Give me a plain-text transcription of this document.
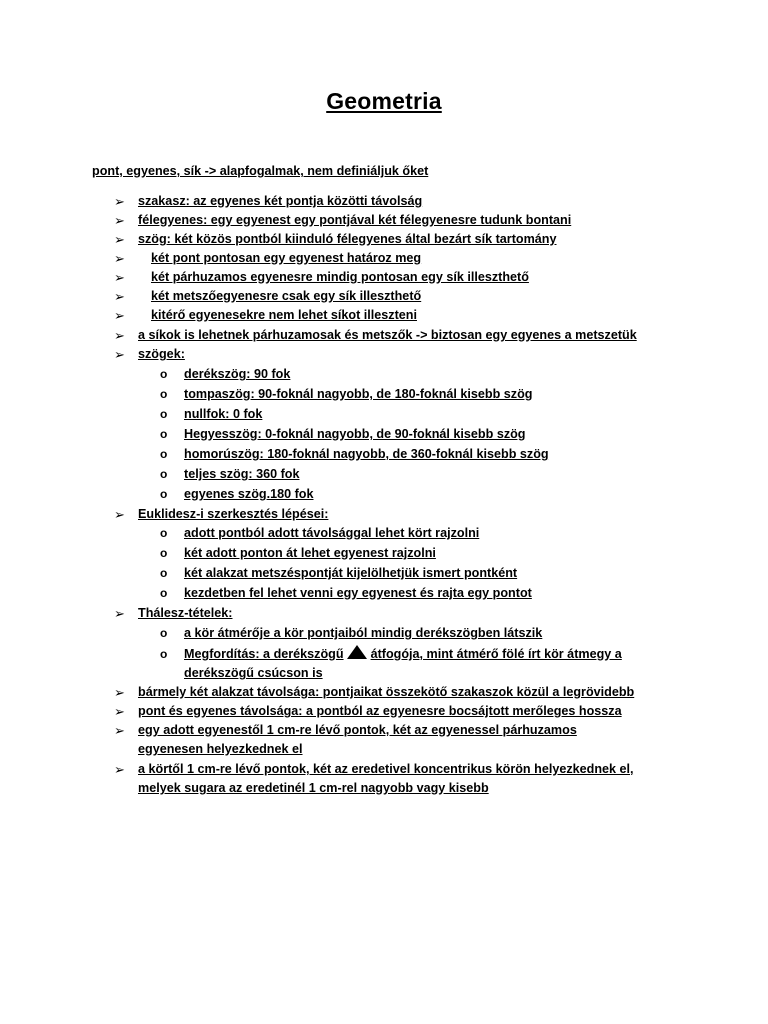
Geometria
pont, egyenes, sík -> alapfogalmak, nem definiáljuk őket
➢	szakasz: az egyenes két pontja közötti távolság
➢	félegyenes: egy egyenest egy pontjával két félegyenesre tudunk bontani
➢	szög: két közös pontból kiinduló félegyenes által bezárt sík tartomány
➢	két pont pontosan egy egyenest határoz meg
➢	két párhuzamos egyenesre mindig pontosan egy sík illeszthető
➢	két metszőegyenesre csak egy sík illeszthető
➢	kitérő egyenesekre nem lehet síkot illeszteni
➢	a síkok is lehetnek párhuzamosak és metszők -> biztosan egy egyenes a metszetük
➢	szögek:
o derékszög: 90 fok
o tompaszög: 90-foknál nagyobb, de 180-foknál kisebb szög
o nullfok: 0 fok
o Hegyesszög: 0-foknál nagyobb, de 90-foknál kisebb szög
o homorúszög: 180-foknál nagyobb, de 360-foknál kisebb szög
o teljes szög: 360 fok
o egyenes szög.180 fok
➢	Euklidesz-i szerkesztés lépései:
o adott pontból adott távolsággal lehet kört rajzolni
o két adott ponton át lehet egyenest rajzolni
o két alakzat metszéspontját kijelölhetjük ismert pontként
o kezdetben fel lehet venni egy egyenest és rajta egy pontot
➢	Thálesz-tételek:
o a kör átmérője a kör pontjaiból mindig derékszögben látszik
o Megfordítás: a derékszögű átfogója, mint átmérő fölé írt kör átmegy a
derékszögű csúcson is
➢	bármely két alakzat távolsága: pontjaikat összekötő szakaszok közül a legrövidebb
➢	pont és egyenes távolsága: a pontból az egyenesre bocsájtott merőleges hossza
➢	egy adott egyenestől 1 cm-re lévő pontok, két az egyenessel párhuzamos
egyenesen helyezkednek el
➢	a körtől 1 cm-re lévő pontok, két az eredetivel koncentrikus körön helyezkednek el,
melyek sugara az eredetinél 1 cm-rel nagyobb vagy kisebb
